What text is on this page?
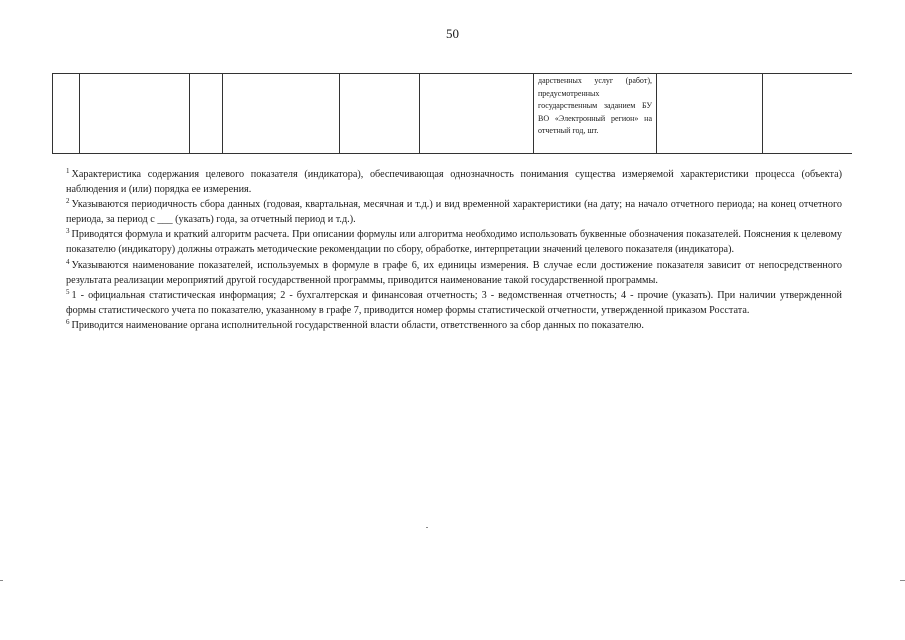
50
						дарственных услуг (работ), предусмотренных государственным заданием БУ ВО «Электронный регион» на отчетный год, шт.		

$^1$ Характеристика содержания целевого показателя (индикатора), обеспечивающая однозначность понимания существа измеряемой характеристики процесса (объекта) наблюдения и (или) порядка ее измерения.

$^2$ Указываются периодичность сбора данных (годовая, квартальная, месячная и т.д.) и вид временной характеристики (на дату; на начало отчетного периода; на конец отчетного периода, за период с ___ (указать) года, за отчетный период и т.д.).

$^3$ Приводятся формула и краткий алгоритм расчета. При описании формулы или алгоритма необходимо использовать буквенные обозначения показателей. Пояснения к целевому показателю (индикатору) должны отражать методические рекомендации по сбору, обработке, интерпретации значений целевого показателя (индикатора).

$^4$ Указываются наименование показателей, используемых в формуле в графе 6, их единицы измерения. В случае если достижение показателя зависит от непосредственного результата реализации мероприятий другой государственной программы, приводится наименование такой государственной программы.

$^5$ 1 - официальная статистическая информация; 2 - бухгалтерская и финансовая отчетность; 3 - ведомственная отчетность; 4 - прочие (указать). При наличии утвержденной формы статистического учета по показателю, указанному в графе 7, приводится номер формы статистической отчетности, утвержденной приказом Росстата.

$^6$ Приводится наименование органа исполнительной государственной власти области, ответственного за сбор данных по показателю.
